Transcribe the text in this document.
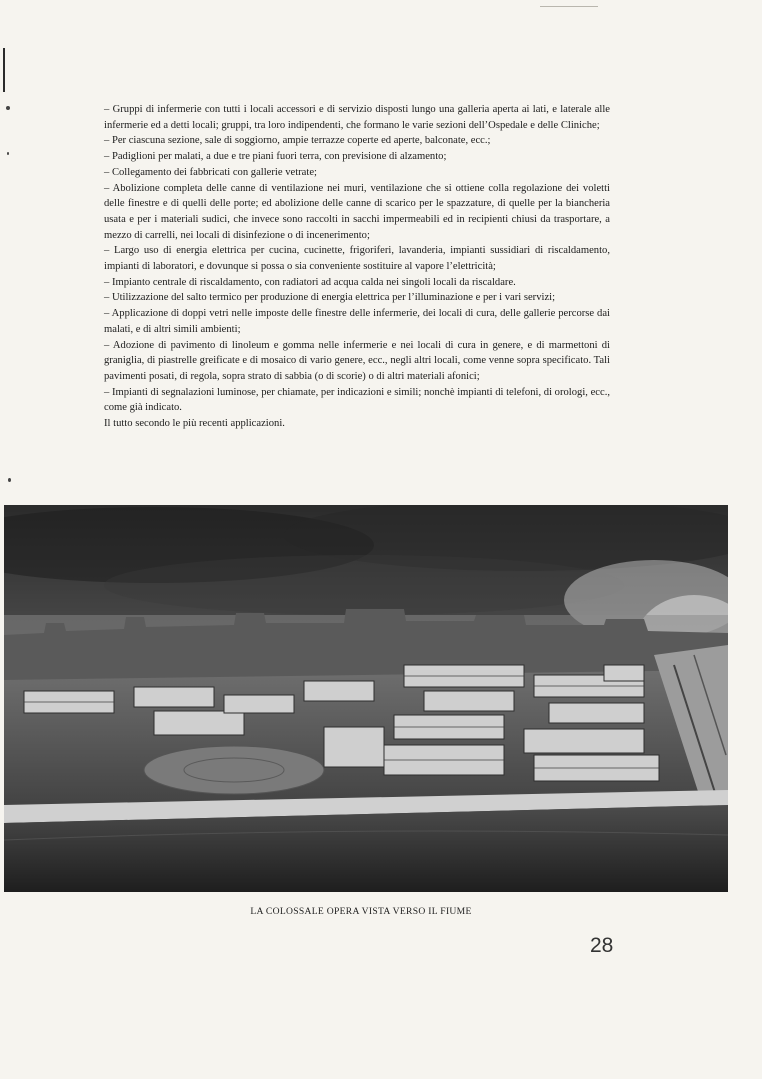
– Gruppi di infermerie con tutti i locali accessori e di servizio disposti lungo una galleria aperta ai lati, e laterale alle infermerie ed a detti locali; gruppi, tra loro indipendenti, che formano le varie sezioni dell’Ospedale e delle Cliniche;

– Per ciascuna sezione, sale di soggiorno, ampie terrazze coperte ed aperte, balconate, ecc.;

– Padiglioni per malati, a due e tre piani fuori terra, con previsione di alzamento;

– Collegamento dei fabbricati con gallerie vetrate;

– Abolizione completa delle canne di ventilazione nei muri, ventilazione che si ottiene colla regolazione dei voletti delle finestre e di quelli delle porte; ed abolizione delle canne di scarico per le spazzature, di quelle per la biancheria usata e per i materiali sudici, che invece sono raccolti in sacchi impermeabili ed in recipienti chiusi da trasportare, a mezzo di carrelli, nei locali di disinfezione o di incenerimento;

– Largo uso di energia elettrica per cucina, cucinette, frigoriferi, lavanderia, impianti sussidiari di riscaldamento, impianti di laboratori, e dovunque si possa o sia conveniente sostituire al vapore l’elettricità;

– Impianto centrale di riscaldamento, con radiatori ad acqua calda nei singoli locali da riscaldare.

– Utilizzazione del salto termico per produzione di energia elettrica per l’illuminazione e per i vari servizi;

– Applicazione di doppi vetri nelle imposte delle finestre delle infermerie, dei locali di cura, delle gallerie percorse dai malati, e di altri simili ambienti;

– Adozione di pavimento di linoleum e gomma nelle infermerie e nei locali di cura in genere, e di marmettoni di graniglia, di piastrelle greificate e di mosaico di vario genere, ecc., negli altri locali, come venne sopra specificato. Tali pavimenti posati, di regola, sopra strato di sabbia (o di scorie) o di altri materiali afonici;

– Impianti di segnalazioni luminose, per chiamate, per indicazioni e simili; nonchè impianti di telefoni, di orologi, ecc., come già indicato.

Il tutto secondo le più recenti applicazioni.

LA COLOSSALE OPERA VISTA VERSO IL FIUME
28
